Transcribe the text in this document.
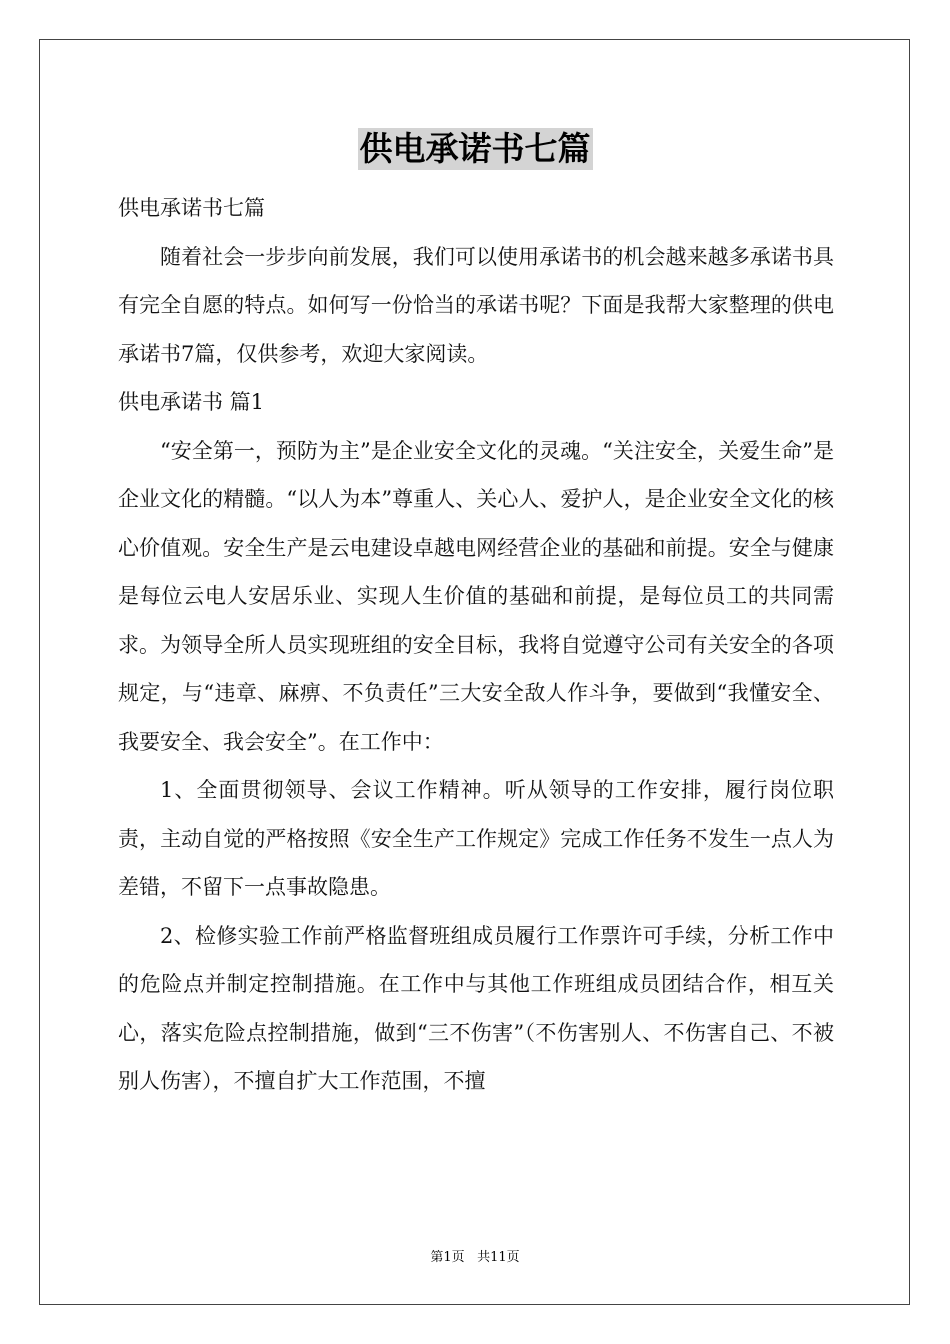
供电承诺书七篇

供电承诺书七篇

随着社会一步步向前发展，我们可以使用承诺书的机会越来越多承诺书具有完全自愿的特点。如何写一份恰当的承诺书呢？下面是我帮大家整理的供电承诺书7篇，仅供参考，欢迎大家阅读。

供电承诺书 篇1

“安全第一，预防为主”是企业安全文化的灵魂。“关注安全，关爱生命”是企业文化的精髓。“以人为本”尊重人、关心人、爱护人，是企业安全文化的核心价值观。安全生产是云电建设卓越电网经营企业的基础和前提。安全与健康是每位云电人安居乐业、实现人生价值的基础和前提，是每位员工的共同需求。为领导全所人员实现班组的安全目标，我将自觉遵守公司有关安全的各项规定，与“违章、麻痹、不负责任”三大安全敌人作斗争，要做到“我懂安全、我要安全、我会安全”。在工作中：

1、全面贯彻领导、会议工作精神。听从领导的工作安排，履行岗位职责，主动自觉的严格按照《安全生产工作规定》完成工作任务不发生一点人为差错，不留下一点事故隐患。

2、检修实验工作前严格监督班组成员履行工作票许可手续，分析工作中的危险点并制定控制措施。在工作中与其他工作班组成员团结合作，相互关心，落实危险点控制措施，做到“三不伤害”（不伤害别人、不伤害自己、不被别人伤害），不擅自扩大工作范围，不擅

第1页 共11页
